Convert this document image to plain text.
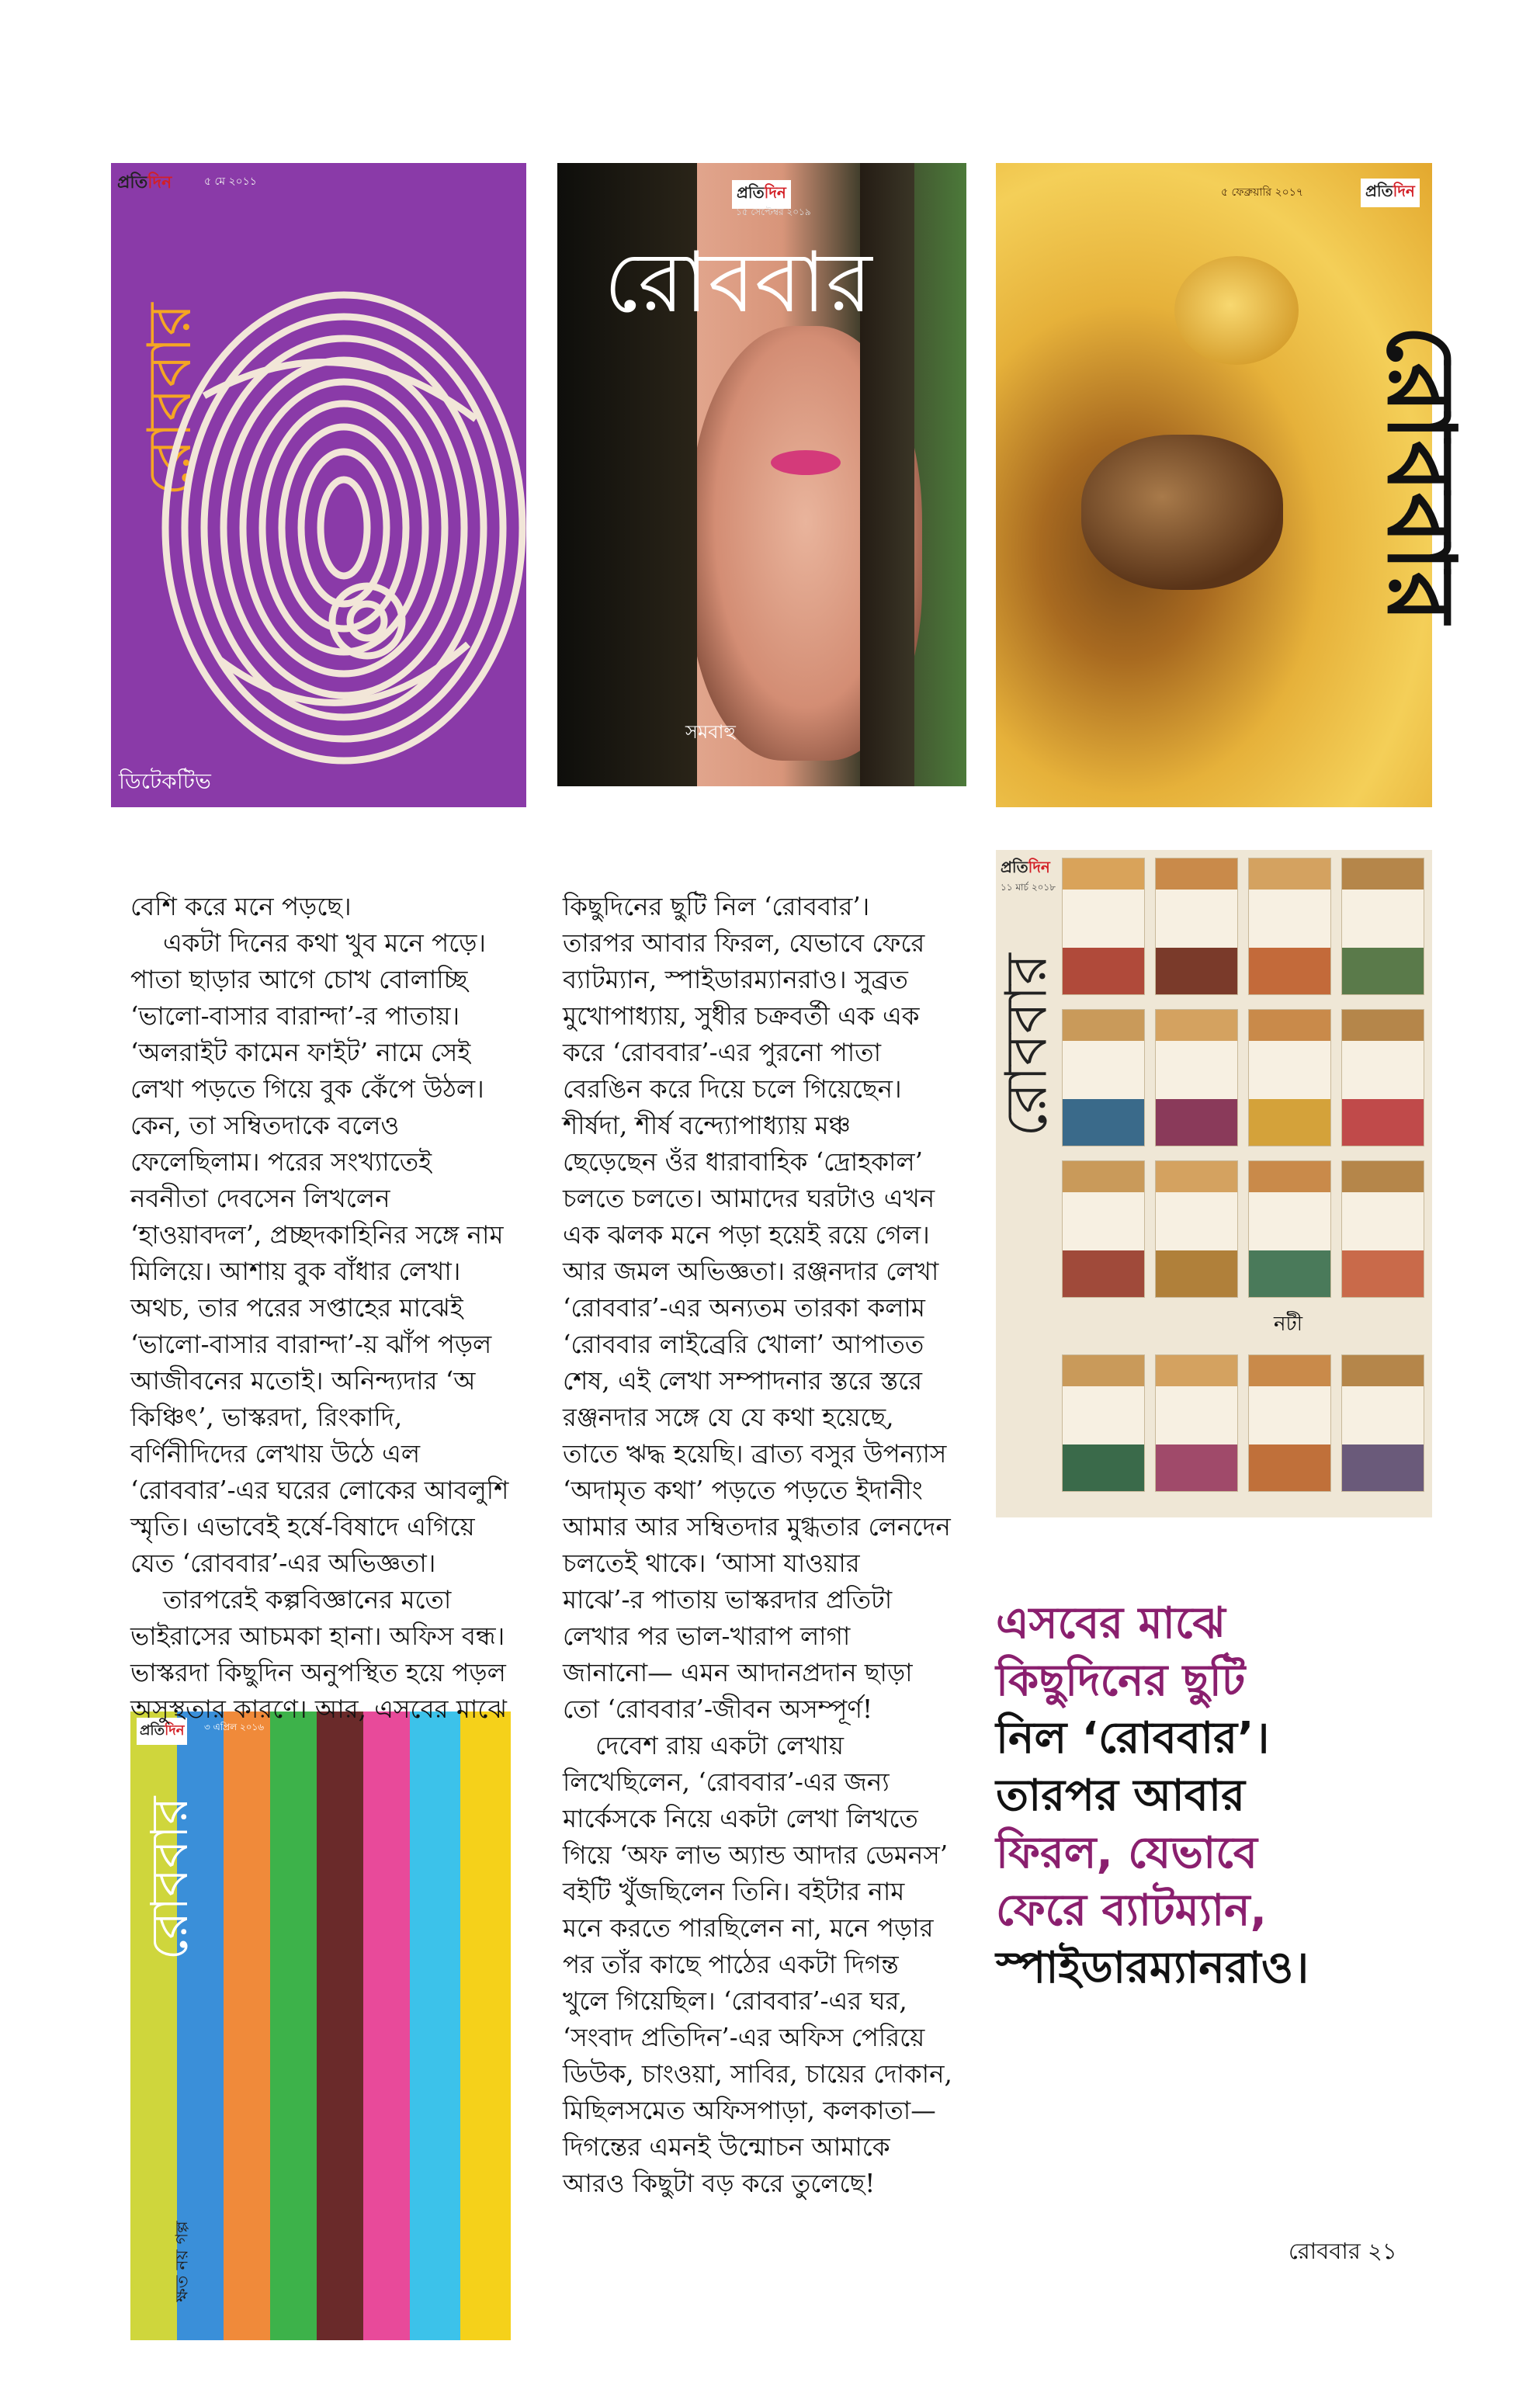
প্রতিদিন	৫ মে ২০১১
রোববার
ডিটেকটিভ
প্রতিদিন
১৫ সেপ্টেম্বর ২০১৯
রোববার
সমবাহু
প্রতিদিন
৫ ফেব্রুয়ারি ২০১৭
রোববার
প্রতিদিন
১১ মার্চ ২০১৮
রোববার
নটী
প্রতিদিন	৩ এপ্রিল ২০১৬
রোববার
ক্ষত নয় গল্প

বেশি করে মনে পড়ছে।

একটা দিনের কথা খুব মনে পড়ে।

পাতা ছাড়ার আগে চোখ বোলাচ্ছি

‘ভালো-বাসার বারান্দা’-র পাতায়।

‘অলরাইট কামেন ফাইট’ নামে সেই

লেখা পড়তে গিয়ে বুক কেঁপে উঠল।

কেন, তা সম্বিতদাকে বলেও

ফেলেছিলাম। পরের সংখ্যাতেই

নবনীতা দেবসেন লিখলেন

‘হাওয়াবদল’, প্রচ্ছদকাহিনির সঙ্গে নাম

মিলিয়ে। আশায় বুক বাঁধার লেখা।

অথচ, তার পরের সপ্তাহের মাঝেই

‘ভালো-বাসার বারান্দা’-য় ঝাঁপ পড়ল

আজীবনের মতোই। অনিন্দ্যদার ‘অ

কিঞ্চিৎ’, ভাস্করদা, রিংকাদি,

বর্ণিনীদিদের লেখায় উঠে এল

‘রোববার’-এর ঘরের লোকের আবলুশি

স্মৃতি। এভাবেই হর্ষে-বিষাদে এগিয়ে

যেত ‘রোববার’-এর অভিজ্ঞতা।

তারপরেই কল্পবিজ্ঞানের মতো

ভাইরাসের আচমকা হানা। অফিস বন্ধ।

ভাস্করদা কিছুদিন অনুপস্থিত হয়ে পড়ল

অসুস্থতার কারণে। আর, এসবের মাঝে

কিছুদিনের ছুটি নিল ‘রোববার’।

তারপর আবার ফিরল, যেভাবে ফেরে

ব্যাটম্যান, স্পাইডারম্যানরাও। সুব্রত

মুখোপাধ্যায়, সুধীর চক্রবর্তী এক এক

করে ‘রোববার’-এর পুরনো পাতা

বেরঙিন করে দিয়ে চলে গিয়েছেন।

শীর্ষদা, শীর্ষ বন্দ্যোপাধ্যায় মঞ্চ

ছেড়েছেন ওঁর ধারাবাহিক ‘দ্রোহকাল’

চলতে চলতে। আমাদের ঘরটাও এখন

এক ঝলক মনে পড়া হয়েই রয়ে গেল।

আর জমল অভিজ্ঞতা। রঞ্জনদার লেখা

‘রোববার’-এর অন্যতম তারকা কলাম

‘রোববার লাইব্রেরি খোলা’ আপাতত

শেষ, এই লেখা সম্পাদনার স্তরে স্তরে

রঞ্জনদার সঙ্গে যে যে কথা হয়েছে,

তাতে ঋদ্ধ হয়েছি। ব্রাত্য বসুর উপন্যাস

‘অদামৃত কথা’ পড়তে পড়তে ইদানীং

আমার আর সম্বিতদার মুগ্ধতার লেনদেন

চলতেই থাকে। ‘আসা যাওয়ার

মাঝে’-র পাতায় ভাস্করদার প্রতিটা

লেখার পর ভাল-খারাপ লাগা

জানানো— এমন আদানপ্রদান ছাড়া

তো ‘রোববার’-জীবন অসম্পূর্ণ!

দেবেশ রায় একটা লেখায়

লিখেছিলেন, ‘রোববার’-এর জন্য

মার্কেসকে নিয়ে একটা লেখা লিখতে

গিয়ে ‘অফ লাভ অ্যান্ড আদার ডেমনস’

বইটি খুঁজছিলেন তিনি। বইটার নাম

মনে করতে পারছিলেন না, মনে পড়ার

পর তাঁর কাছে পাঠের একটা দিগন্ত

খুলে গিয়েছিল। ‘রোববার’-এর ঘর,

‘সংবাদ প্রতিদিন’-এর অফিস পেরিয়ে

ডিউক, চাংওয়া, সাবির, চায়ের দোকান,

মিছিলসমেত অফিসপাড়া, কলকাতা—

দিগন্তের এমনই উন্মোচন আমাকে

আরও কিছুটা বড় করে তুলেছে!

এসবের মাঝে
কিছুদিনের ছুটি
নিল ‘রোববার’।
তারপর আবার
ফিরল, যেভাবে
ফেরে ব্যাটম্যান,
স্পাইডারম্যানরাও।
রোববার ২১
